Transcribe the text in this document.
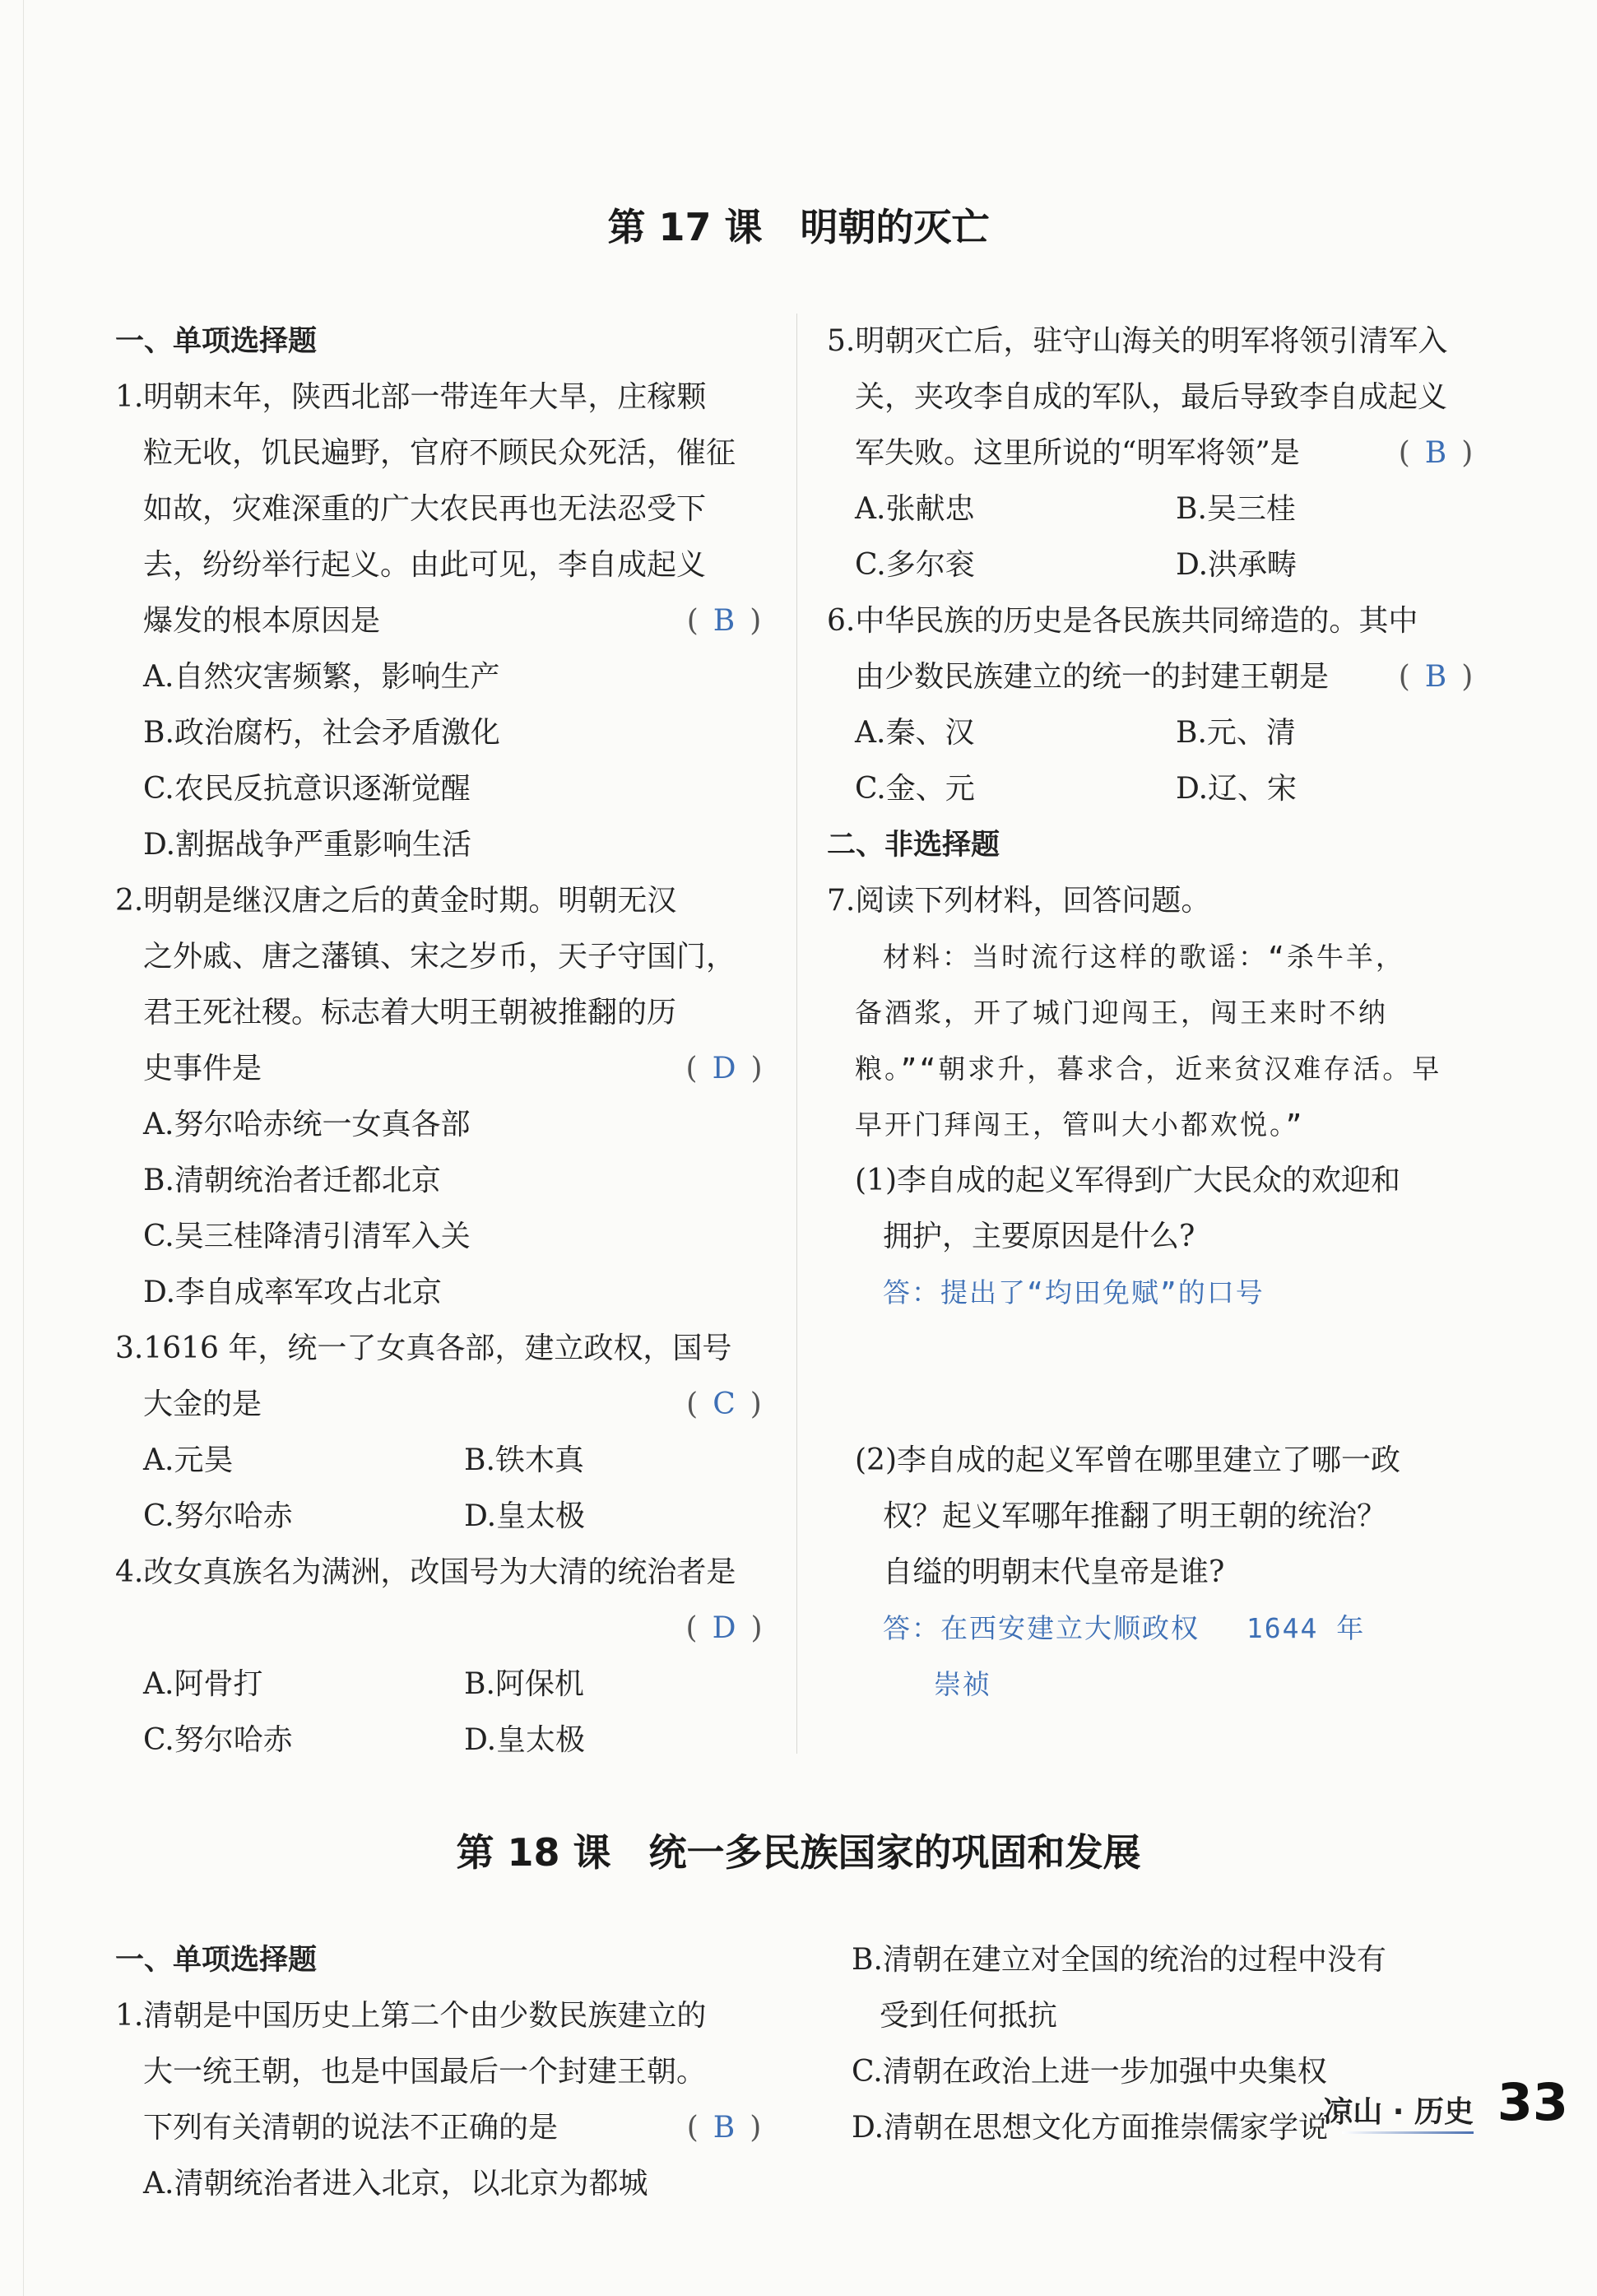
第 17 课　明朝的灭亡
一、单项选择题
1.明朝末年，陕西北部一带连年大旱，庄稼颗
粒无收，饥民遍野，官府不顾民众死活，催征
如故，灾难深重的广大农民再也无法忍受下
去，纷纷举行起义。由此可见，李自成起义
爆发的根本原因是	( B )
A.自然灾害频繁，影响生产
B.政治腐朽，社会矛盾激化
C.农民反抗意识逐渐觉醒
D.割据战争严重影响生活
2.明朝是继汉唐之后的黄金时期。明朝无汉
之外戚、唐之藩镇、宋之岁币，天子守国门，
君王死社稷。标志着大明王朝被推翻的历
史事件是	( D )
A.努尔哈赤统一女真各部
B.清朝统治者迁都北京
C.吴三桂降清引清军入关
D.李自成率军攻占北京
3.1616 年，统一了女真各部，建立政权，国号
大金的是	( C )
A.元昊	B.铁木真
C.努尔哈赤	D.皇太极
4.改女真族名为满洲，改国号为大清的统治者是
( D )
A.阿骨打	B.阿保机
C.努尔哈赤	D.皇太极
5.明朝灭亡后，驻守山海关的明军将领引清军入
关，夹攻李自成的军队，最后导致李自成起义
军失败。这里所说的“明军将领”是	( B )
A.张献忠	B.吴三桂
C.多尔衮	D.洪承畴
6.中华民族的历史是各民族共同缔造的。其中
由少数民族建立的统一的封建王朝是	( B )
A.秦、汉	B.元、清
C.金、元	D.辽、宋
二、非选择题
7.阅读下列材料，回答问题。
材料：当时流行这样的歌谣：“杀牛羊，
备酒浆，开了城门迎闯王，闯王来时不纳
粮。”“朝求升，暮求合，近来贫汉难存活。早
早开门拜闯王，管叫大小都欢悦。”
(1)李自成的起义军得到广大民众的欢迎和
拥护，主要原因是什么?
答：提出了“均田免赋”的口号
(2)李自成的起义军曾在哪里建立了哪一政
权？起义军哪年推翻了明王朝的统治？
自缢的明朝末代皇帝是谁?
答：在西安建立大顺政权　 1644 年
崇祯
第 18 课　统一多民族国家的巩固和发展
一、单项选择题
1.清朝是中国历史上第二个由少数民族建立的
大一统王朝，也是中国最后一个封建王朝。
下列有关清朝的说法不正确的是	( B )
A.清朝统治者进入北京，以北京为都城
B.清朝在建立对全国的统治的过程中没有
受到任何抵抗
C.清朝在政治上进一步加强中央集权
D.清朝在思想文化方面推崇儒家学说
凉山 · 历史 33
